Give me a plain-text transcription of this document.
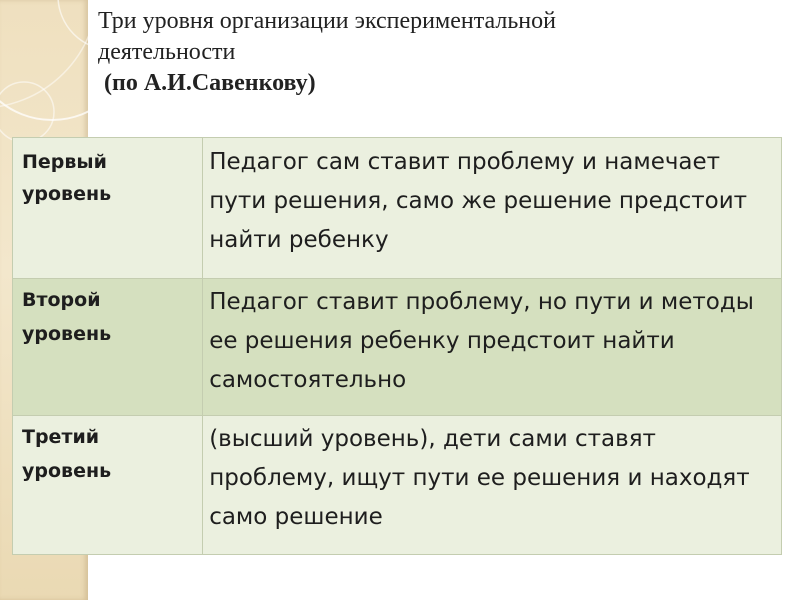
Три уровня организации экспериментальной
деятельности
(по А.И.Савенкову)
Первый уровень	Педагог сам ставит проблему и намечает пути решения, само же решение предстоит найти ребенку
Второй уровень	Педагог ставит проблему, но пути и методы ее решения ребенку предстоит найти самостоятельно
Третий уровень	(высший уровень), дети сами ставят проблему, ищут пути ее решения и находят само решение
